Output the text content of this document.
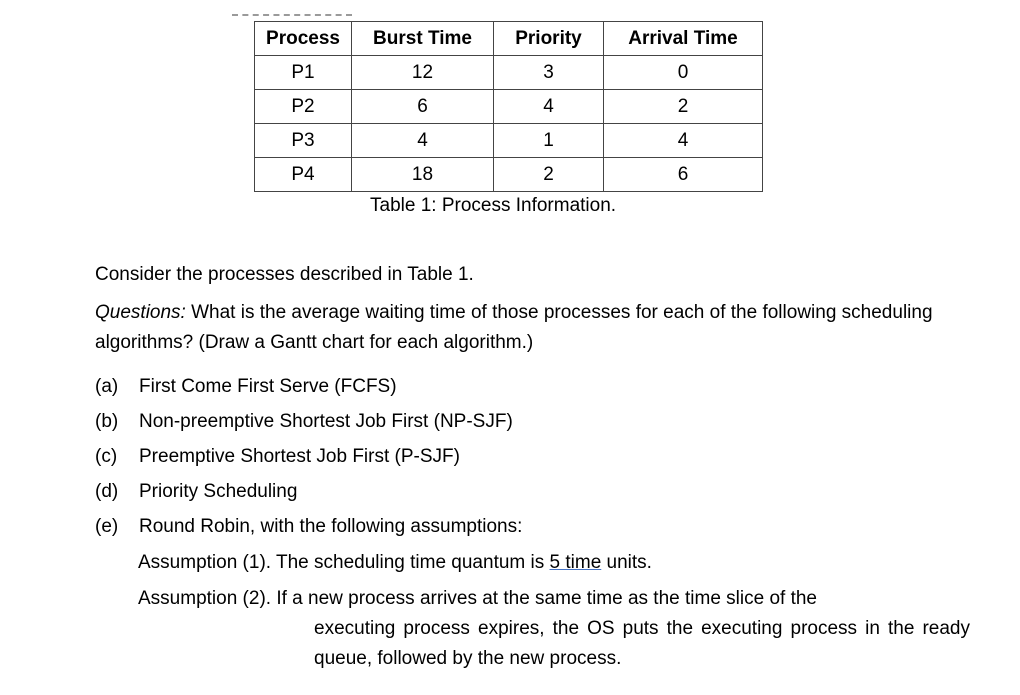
Process	Burst Time	Priority	Arrival Time
P1	12	3	0
P2	6	4	2
P3	4	1	4
P4	18	2	6
Table 1: Process Information.
Consider the processes described in Table 1.
Questions: What is the average waiting time of those processes for each of the following scheduling algorithms? (Draw a Gantt chart for each algorithm.)
(a)	First Come First Serve (FCFS)
(b)	Non-preemptive Shortest Job First (NP-SJF)
(c)	Preemptive Shortest Job First (P-SJF)
(d)	Priority Scheduling
(e)	Round Robin, with the following assumptions:
Assumption (1). The scheduling time quantum is 5 time units.
Assumption (2). If a new process arrives at the same time as the time slice of the
executing process expires, the OS puts the executing process in the ready queue, followed by the new process.
